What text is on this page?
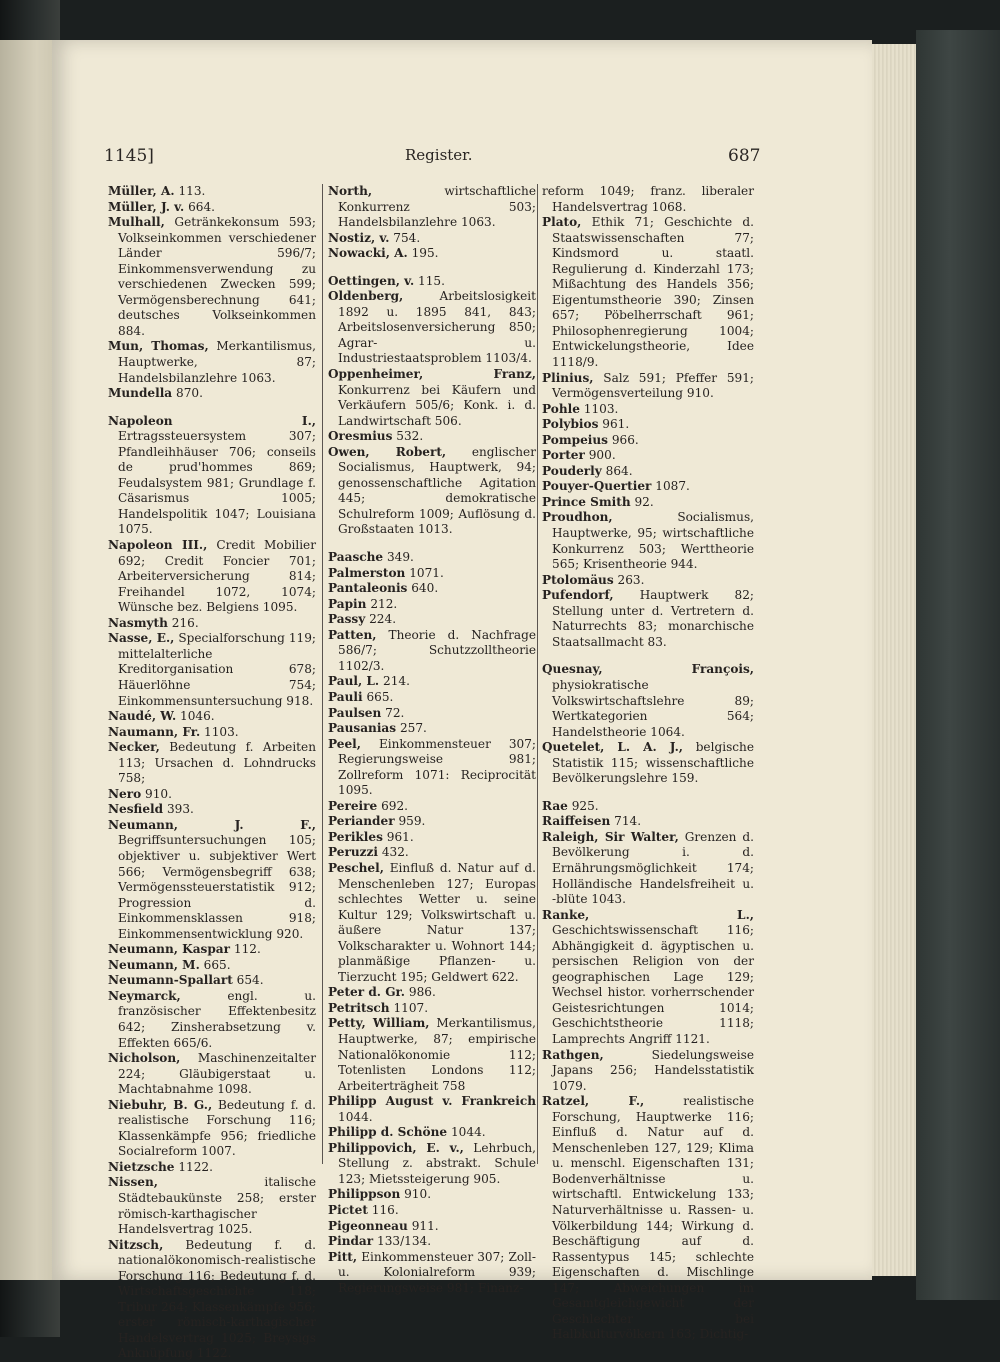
1145]	Register.	687
Müller, A. 113.
Müller, J. v. 664.
Mulhall, Getränkekonsum 593; Volkseinkommen verschiedener Länder 596/7; Einkommensverwendung zu verschiedenen Zwecken 599; Vermögensberechnung 641; deutsches Volkseinkommen 884.
Mun, Thomas, Merkantilismus, Hauptwerke, 87; Handelsbilanzlehre 1063.
Mundella 870.
Napoleon I., Ertragssteuersystem 307; Pfandleihhäuser 706; conseils de prud'hommes 869; Feudalsystem 981; Grundlage f. Cäsarismus 1005; Handelspolitik 1047; Louisiana 1075.
Napoleon III., Credit Mobilier 692; Credit Foncier 701; Arbeiterversicherung 814; Freihandel 1072, 1074; Wünsche bez. Belgiens 1095.
Nasmyth 216.
Nasse, E., Specialforschung 119; mittelalterliche Kreditorganisation 678; Häuerlöhne 754; Einkommensuntersuchung 918.
Naudé, W. 1046.
Naumann, Fr. 1103.
Necker, Bedeutung f. Arbeiten 113; Ursachen d. Lohndrucks 758;
Nero 910.
Nesfield 393.
Neumann, J. F., Begriffsuntersuchungen 105; objektiver u. subjektiver Wert 566; Vermögensbegriff 638; Vermögenssteuerstatistik 912; Progression d. Einkommensklassen 918; Einkommensentwicklung 920.
Neumann, Kaspar 112.
Neumann, M. 665.
Neumann-Spallart 654.
Neymarck,	engl. u. französischer Effektenbesitz 642; Zinsherabsetzung v. Effekten 665/6.
Nicholson, Maschinenzeitalter 224; Gläubigerstaat u. Machtabnahme 1098.
Niebuhr, B. G., Bedeutung f. d. realistische Forschung 116; Klassenkämpfe 956; friedliche Socialreform 1007.
Nietzsche 1122.
Nissen,	italische Städtebaukünste 258; erster römisch-karthagischer Handelsvertrag 1025.
Nitzsch, Bedeutung f. d. nationalökonomisch-realistische Forschung 116; Bedeutung f. d. Wirtschaftsgeschichte 118; Tribur 264; Klassenkämpfe 956; erster römisch-karthagischer Handelsvertrag 1025; Breysigs Anknüpfung 1122.
North,	wirtschaftliche Konkurrenz 503; Handelsbilanzlehre 1063.
Nostiz, v. 754.
Nowacki, A. 195.
Oettingen, v. 115.
Oldenberg,	Arbeitslosigkeit 1892 u. 1895 841, 843; Arbeitslosenversicherung 850; Agrar- u. Industriestaatsproblem 1103/4.
Oppenheimer, Franz, Konkurrenz bei Käufern und Verkäufern 505/6; Konk. i. d. Landwirtschaft 506.
Oresmius 532.
Owen, Robert, englischer Socialismus, Hauptwerk, 94; genossenschaftliche Agitation 445; demokratische Schulreform 1009; Auflösung d. Großstaaten 1013.
Paasche 349.
Palmerston 1071.
Pantaleonis 640.
Papin 212.
Passy 224.
Patten, Theorie d. Nachfrage 586/7; Schutzzolltheorie 1102/3.
Paul, L. 214.
Pauli 665.
Paulsen 72.
Pausanias 257.
Peel, Einkommensteuer 307; Regierungsweise 981; Zollreform 1071: Reciprocität 1095.
Pereire 692.
Periander 959.
Perikles 961.
Peruzzi 432.
Peschel, Einfluß d. Natur auf d. Menschenleben 127; Europas schlechtes Wetter u. seine Kultur 129; Volkswirtschaft u. äußere Natur 137; Volkscharakter u. Wohnort 144; planmäßige Pflanzen- u. Tierzucht 195; Geldwert 622.
Peter d. Gr. 986.
Petritsch 1107.
Petty, William, Merkantilismus, Hauptwerke, 87; empirische Nationalökonomie 112; Totenlisten Londons 112; Arbeiterträgheit 758
Philipp August v. Frankreich 1044.
Philipp d. Schöne 1044.
Philippovich, E. v., Lehrbuch, Stellung z. abstrakt. Schule 123; Mietssteigerung 905.
Philippson 910.
Pictet 116.
Pigeonneau 911.
Pindar 133/134.
Pitt, Einkommensteuer 307; Zoll- u. Kolonialreform 939; Regierungsweise 981; Finanz-
reform 1049; franz. liberaler Handelsvertrag 1068.
Plato, Ethik 71; Geschichte d. Staatswissenschaften 77; Kindsmord u. staatl. Regulierung d. Kinderzahl 173; Mißachtung des Handels 356; Eigentumstheorie 390; Zinsen 657; Pöbelherrschaft 961; Philosophenregierung 1004; Entwickelungstheorie, Idee 1118/9.
Plinius, Salz 591; Pfeffer 591; Vermögensverteilung 910.
Pohle 1103.
Polybios 961.
Pompeius 966.
Porter 900.
Pouderly 864.
Pouyer-Quertier 1087.
Prince Smith 92.
Proudhon,	Socialismus, Hauptwerke, 95; wirtschaftliche Konkurrenz 503; Werttheorie 565; Krisentheorie 944.
Ptolomäus 263.
Pufendorf, Hauptwerk 82; Stellung unter d. Vertretern d. Naturrechts 83; monarchische Staatsallmacht 83.
Quesnay, François, physiokratische Volkswirtschaftslehre 89; Wertkategorien 564; Handelstheorie 1064.
Quetelet, L. A. J., belgische Statistik 115; wissenschaftliche Bevölkerungslehre 159.
Rae 925.
Raiffeisen 714.
Raleigh, Sir Walter, Grenzen d. Bevölkerung i. d. Ernährungsmöglichkeit 174; Holländische Handelsfreiheit u. -blüte 1043.
Ranke, L., Geschichtswissenschaft 116; Abhängigkeit d. ägyptischen u. persischen Religion von der geographischen Lage 129; Wechsel histor. vorherrschender Geistesrichtungen 1014; Geschichtstheorie 1118; Lamprechts Angriff 1121.
Rathgen,	Siedelungsweise Japans 256; Handelsstatistik 1079.
Ratzel, F.,	realistische Forschung, Hauptwerke 116; Einfluß d. Natur auf d. Menschenleben 127, 129; Klima u. menschl. Eigenschaften 131; Bodenverhältnisse u. wirtschaftl. Entwickelung 133; Naturverhältnisse u. Rassen- u. Völkerbildung 144; Wirkung d. Beschäftigung auf d. Rassentypus 145; schlechte Eigenschaften d. Mischlinge 147; Abweichungen im Gesamtgleichgewicht der Geschlechter bei Halbkulturvölkern 163; Dichtig-
